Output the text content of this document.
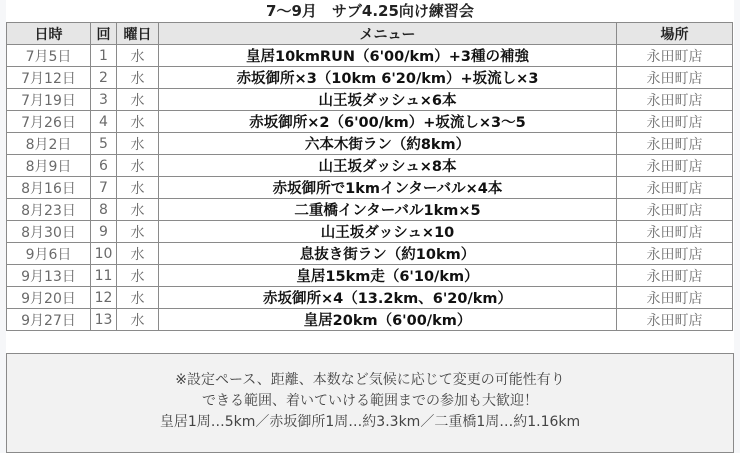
7〜9月　サブ4.25向け練習会
日時	回	曜日	メニュー	場所
7月5日	1	水	皇居10kmRUN（6'00/km）+3種の補強	永田町店
7月12日	2	水	赤坂御所×3（10km 6'20/km）+坂流し×3	永田町店
7月19日	3	水	山王坂ダッシュ×6本	永田町店
7月26日	4	水	赤坂御所×2（6'00/km）+坂流し×3〜5	永田町店
8月2日	5	水	六本木街ラン（約8km）	永田町店
8月9日	6	水	山王坂ダッシュ×8本	永田町店
8月16日	7	水	赤坂御所で1kmインターバル×4本	永田町店
8月23日	8	水	二重橋インターバル1km×5	永田町店
8月30日	9	水	山王坂ダッシュ×10	永田町店
9月6日	10	水	息抜き街ラン（約10km）	永田町店
9月13日	11	水	皇居15km走（6'10/km）	永田町店
9月20日	12	水	赤坂御所×4（13.2km、6'20/km）	永田町店
9月27日	13	水	皇居20km（6'00/km）	永田町店
※設定ペース、距離、本数など気候に応じて変更の可能性有り
できる範囲、着いていける範囲までの参加も大歓迎！
皇居1周…5km／赤坂御所1周…約3.3km／二重橋1周…約1.16km
